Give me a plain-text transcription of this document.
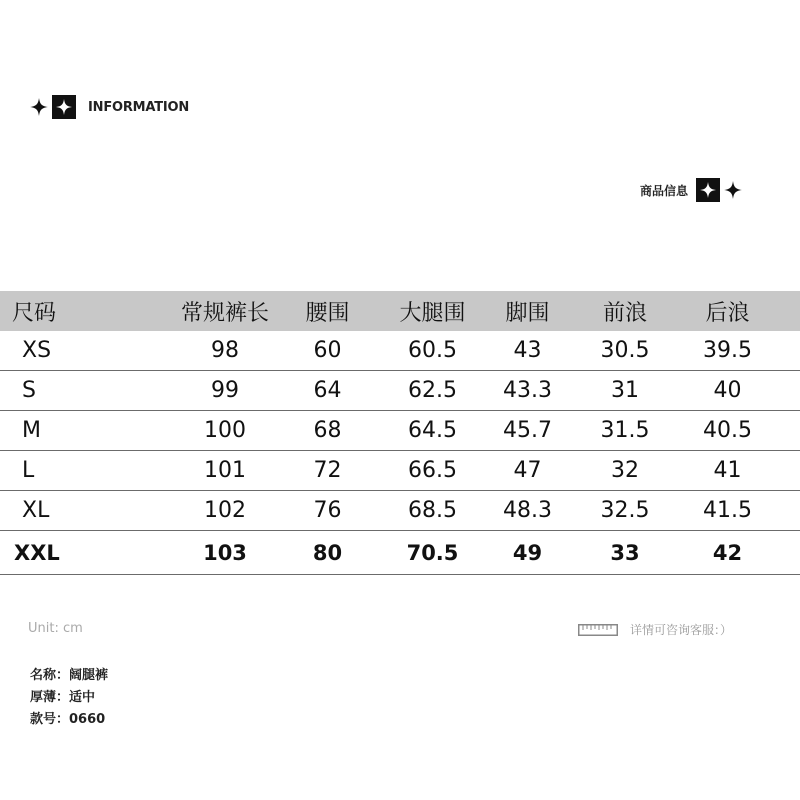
INFORMATION
商品信息
尺码	常规裤长	腰围	大腿围	脚围	前浪	后浪
XS	98	60	60.5	43	30.5	39.5
S	99	64	62.5	43.3	31	40
M	100	68	64.5	45.7	31.5	40.5
L	101	72	66.5	47	32	41
XL	102	76	68.5	48.3	32.5	41.5
XXL	103	80	70.5	49	33	42
Unit: cm	详情可咨询客服：）
名称：阔腿裤
厚薄：适中
款号：0660
